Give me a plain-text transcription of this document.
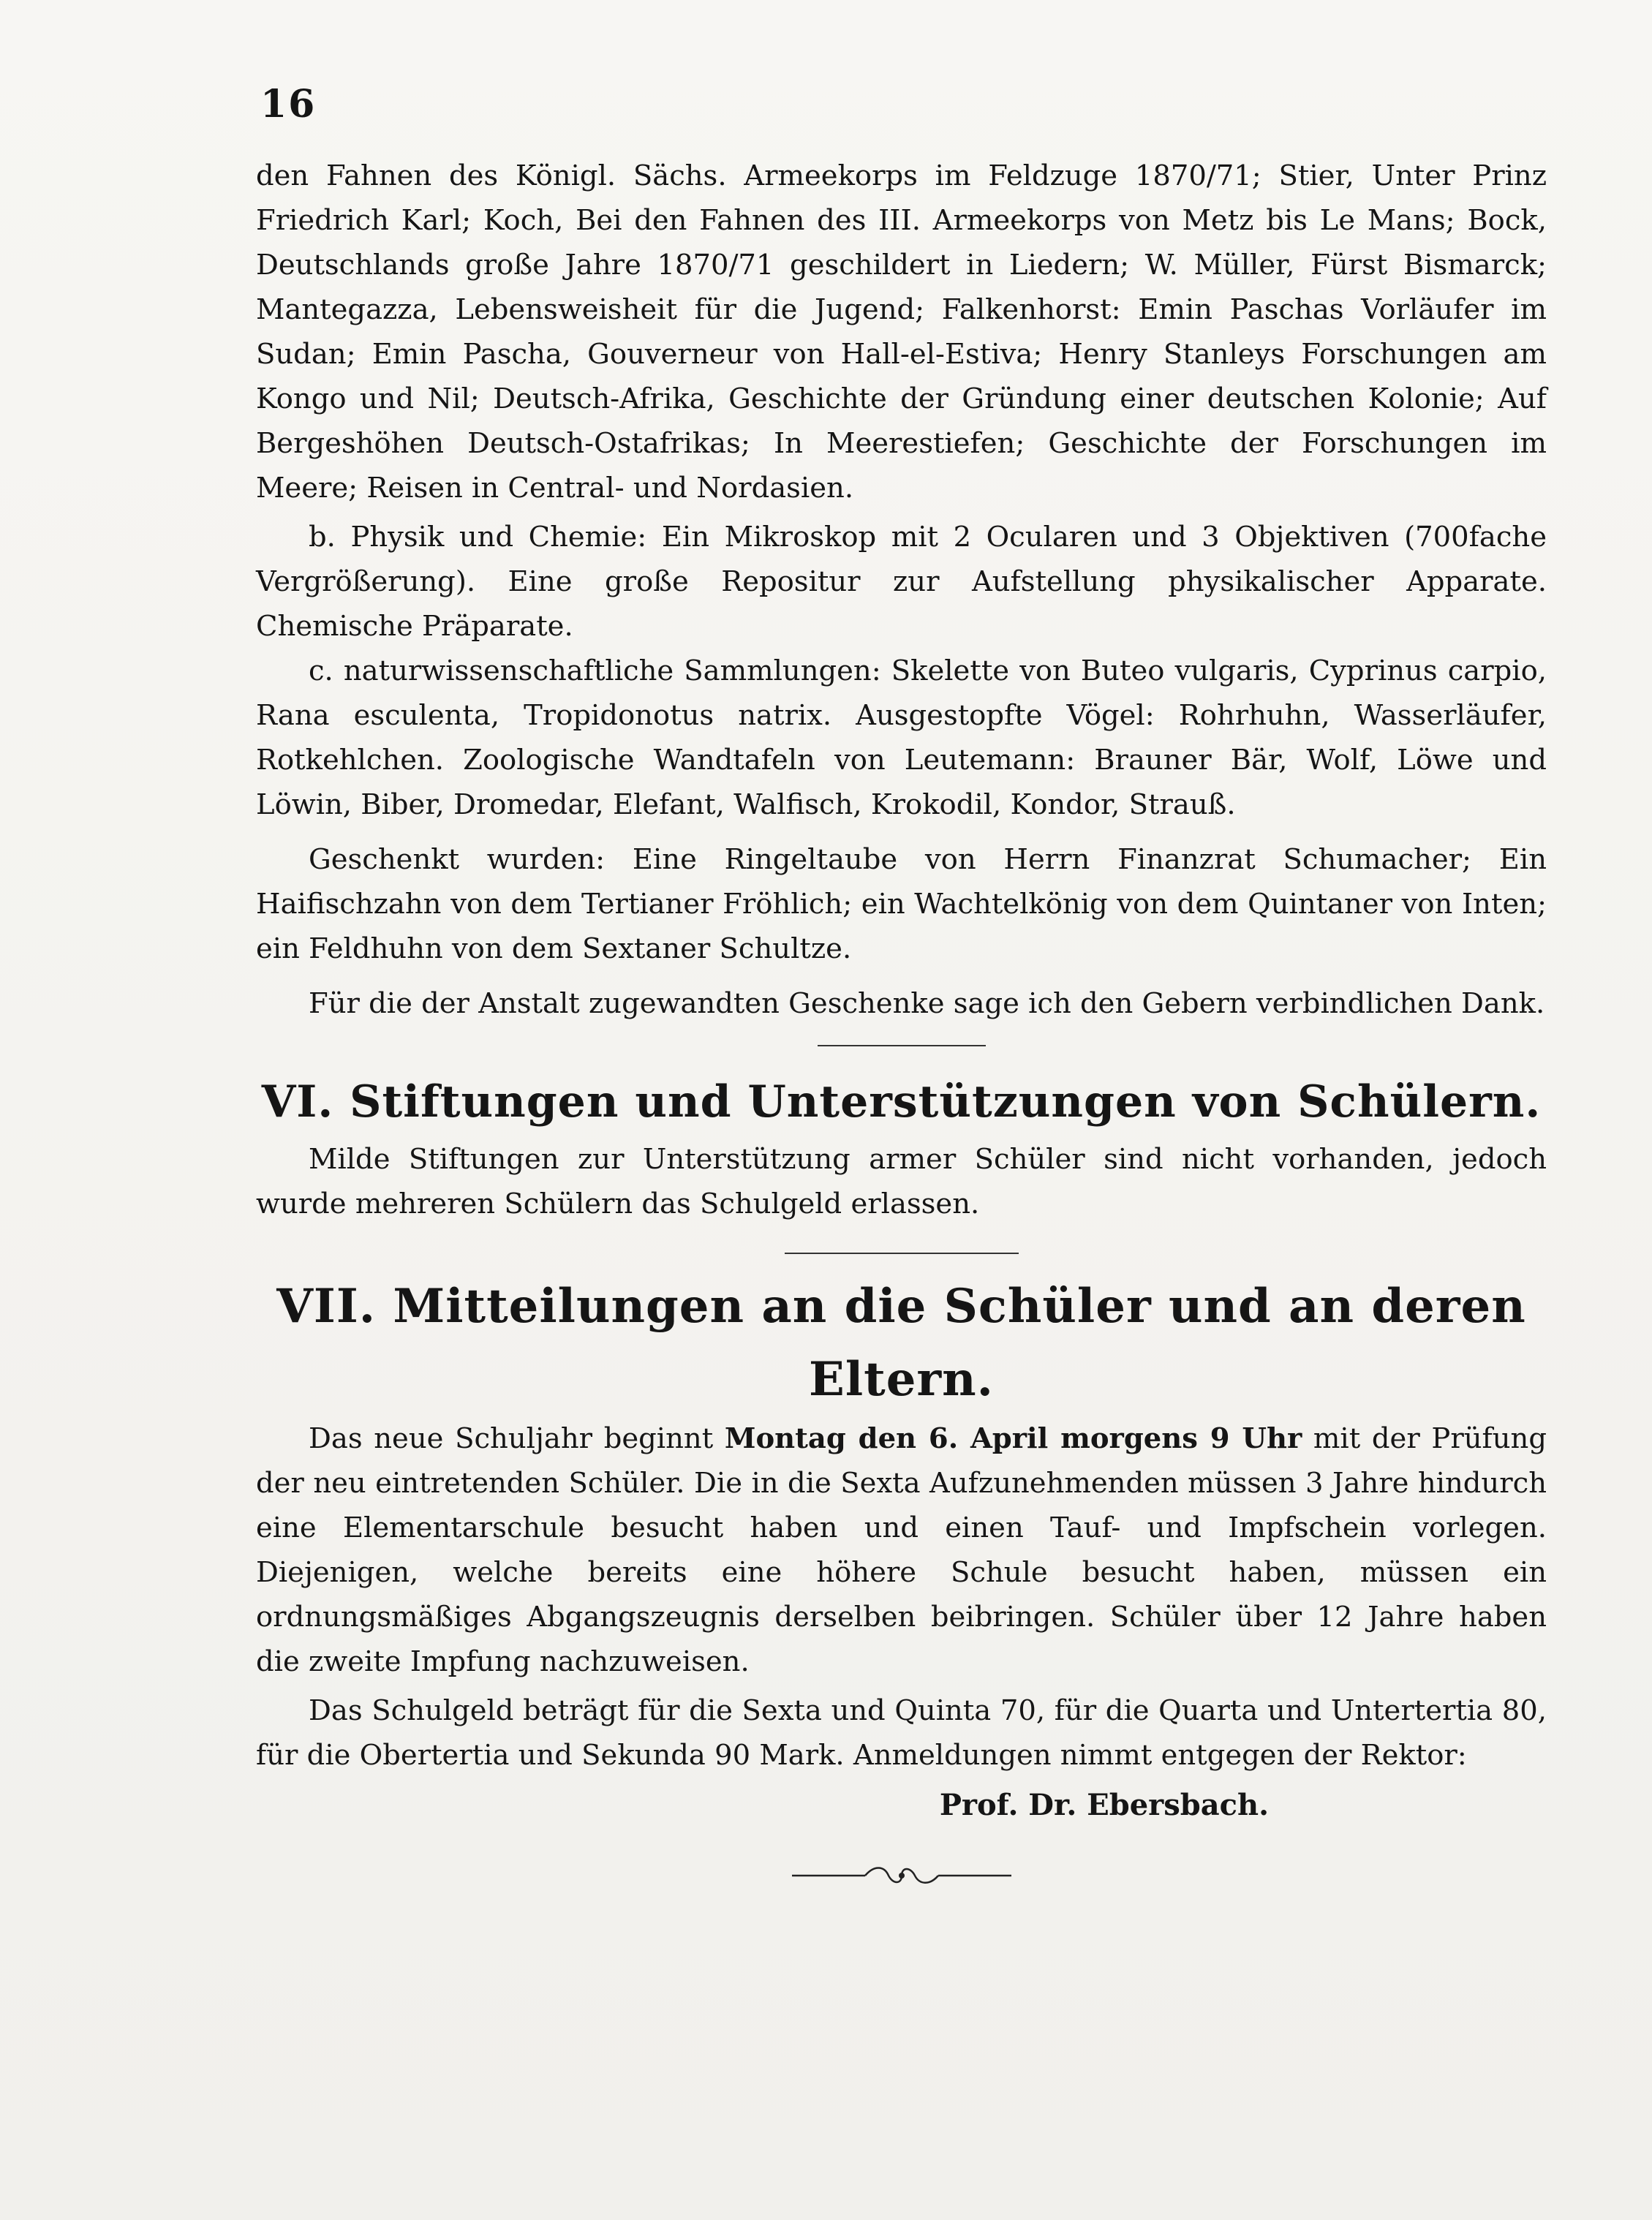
16

den Fahnen des Königl. Sächs. Armeekorps im Feldzuge 1870/71; Stier, Unter Prinz Friedrich Karl; Koch, Bei den Fahnen des III. Armeekorps von Metz bis Le Mans; Bock, Deutschlands große Jahre 1870/71 geschildert in Liedern; W. Müller, Fürst Bismarck; Mantegazza, Lebensweisheit für die Jugend; Falkenhorst: Emin Paschas Vorläufer im Sudan; Emin Pascha, Gouverneur von Hall-el-Estiva; Henry Stanleys Forschungen am Kongo und Nil; Deutsch-Afrika, Geschichte der Gründung einer deutschen Kolonie; Auf Bergeshöhen Deutsch-Ostafrikas; In Meerestiefen; Geschichte der Forschungen im Meere; Reisen in Central- und Nordasien.

b. Physik und Chemie: Ein Mikroskop mit 2 Ocularen und 3 Objektiven (700fache Vergrößerung). Eine große Repositur zur Aufstellung physikalischer Apparate. Chemische Präparate.

c. naturwissenschaftliche Sammlungen: Skelette von Buteo vulgaris, Cyprinus carpio, Rana esculenta, Tropidonotus natrix. Ausgestopfte Vögel: Rohrhuhn, Wasserläufer, Rotkehlchen. Zoologische Wandtafeln von Leutemann: Brauner Bär, Wolf, Löwe und Löwin, Biber, Dromedar, Elefant, Walfisch, Krokodil, Kondor, Strauß.

Geschenkt wurden: Eine Ringeltaube von Herrn Finanzrat Schumacher; Ein Haifischzahn von dem Tertianer Fröhlich; ein Wachtelkönig von dem Quintaner von Inten; ein Feldhuhn von dem Sextaner Schultze.

Für die der Anstalt zugewandten Geschenke sage ich den Gebern verbindlichen Dank.

VI. Stiftungen und Unterstützungen von Schülern.

Milde Stiftungen zur Unterstützung armer Schüler sind nicht vorhanden, jedoch wurde mehreren Schülern das Schulgeld erlassen.

VII. Mitteilungen an die Schüler und an deren Eltern.

Das neue Schuljahr beginnt Montag den 6. April morgens 9 Uhr mit der Prüfung der neu eintretenden Schüler. Die in die Sexta Aufzunehmenden müssen 3 Jahre hindurch eine Elementarschule besucht haben und einen Tauf- und Impfschein vorlegen. Diejenigen, welche bereits eine höhere Schule besucht haben, müssen ein ordnungsmäßiges Abgangszeugnis derselben beibringen. Schüler über 12 Jahre haben die zweite Impfung nachzuweisen.

Das Schulgeld beträgt für die Sexta und Quinta 70, für die Quarta und Untertertia 80, für die Obertertia und Sekunda 90 Mark. Anmeldungen nimmt entgegen der Rektor:

Prof. Dr. Ebersbach.
